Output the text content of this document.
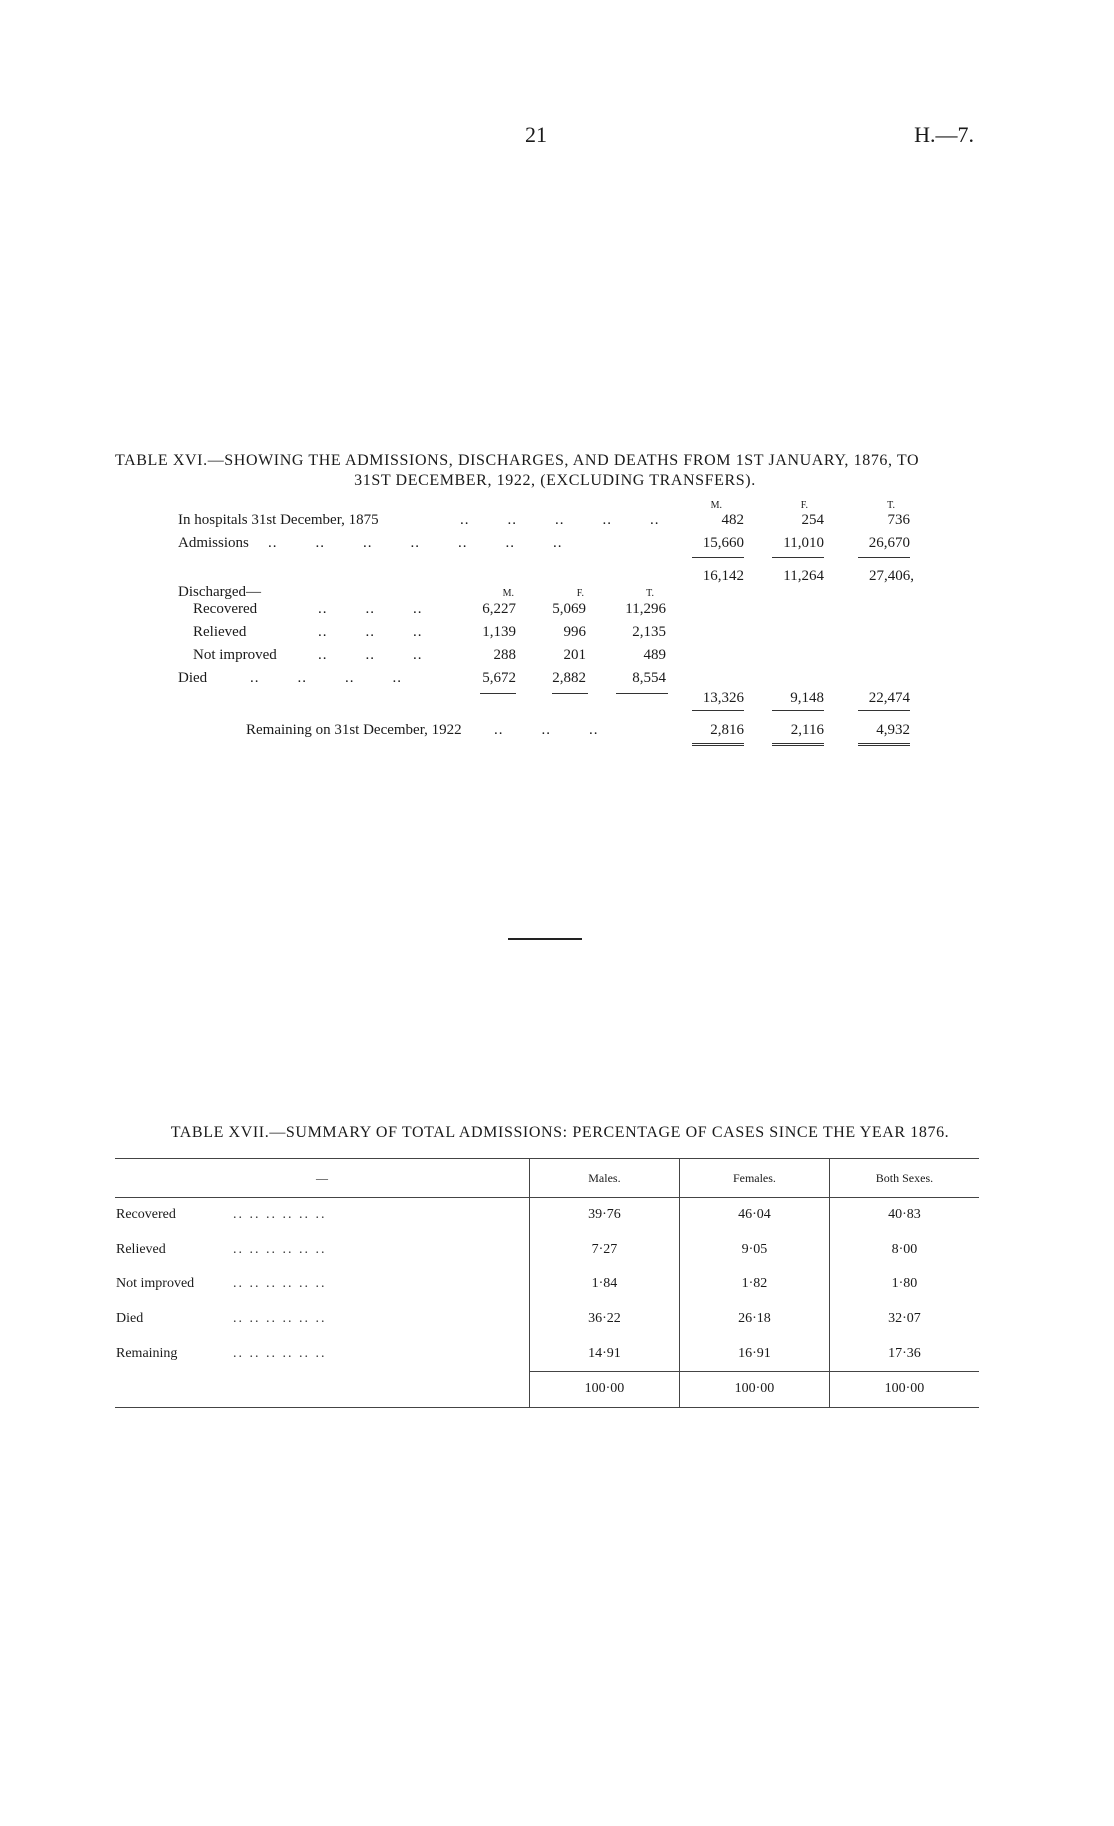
21	H.—7.
TABLE XVI.—SHOWING THE ADMISSIONS, DISCHARGES, AND DEATHS FROM 1ST JANUARY, 1876, TO
31ST DECEMBER, 1922, (EXCLUDING TRANSFERS).
M.	F.	T.
In hospitals 31st December, 1875	..        ..        ..        ..        ..	482	254	736
Admissions ..        ..        ..        ..        ..        ..        ..	15,660	11,010	26,670
16,142	11,264	27,406,
Discharged—	M.	F.	T.
Recovered	..        ..        ..	6,227	5,069	11,296
Relieved	..        ..        ..	1,139	996	2,135
Not improved	..        ..        ..	288	201	489
Died	..        ..        ..        ..	5,672	2,882	8,554
13,326	9,148	22,474
Remaining on 31st December, 1922 ..        ..        ..	2,816	2,116	4,932
TABLE XVII.—SUMMARY OF TOTAL ADMISSIONS: PERCENTAGE OF CASES SINCE THE YEAR 1876.
—	Males.	Females.	Both Sexes.
Recovered .. .. .. .. .. ..	39·76	46·04	40·83
Relieved .. .. .. .. .. ..	7·27	9·05	8·00
Not improved .. .. .. .. .. ..	1·84	1·82	1·80
Died .. .. .. .. .. ..	36·22	26·18	32·07
Remaining .. .. .. .. .. ..	14·91	16·91	17·36
	100·00	100·00	100·00
